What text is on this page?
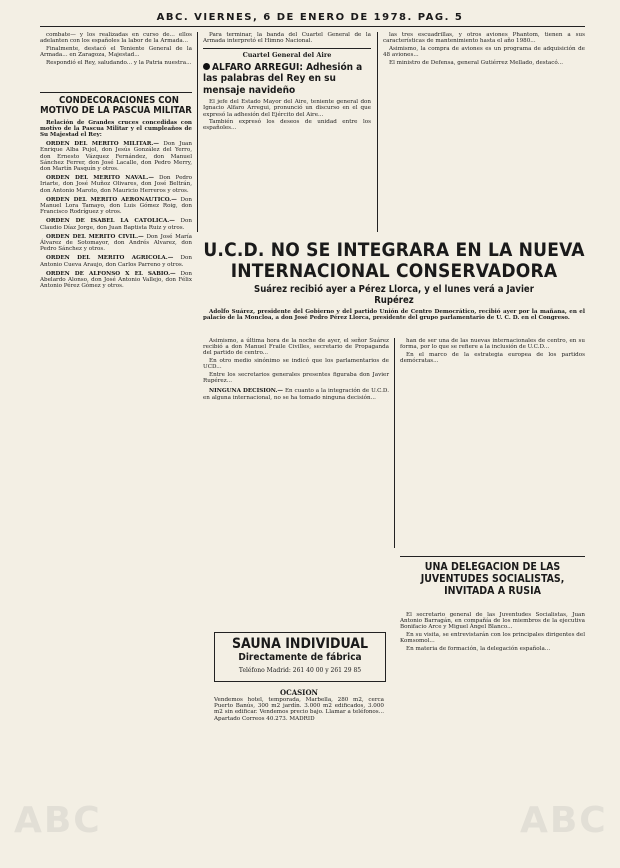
ABC. VIERNES, 6 DE ENERO DE 1978. PAG. 5

combate— y los realizadas en curso de... ellos adelanten con los españoles la labor de la Armada...

Finalmente, destacó el Teniente General de la Armada... en Zaragoza, Majestad...

Respondió el Rey, saludando... y la Patria nuestra...

CONDECORACIONES CON MOTIVO DE LA PASCUA MILITAR

Relación de Grandes cruces concedidas con motivo de la Pascua Militar y el cumpleaños de Su Majestad el Rey:

ORDEN DEL MERITO MILITAR.— Don Juan Enrique Alba Pujol, don Jesús González del Yerro, don Ernesto Vázquez Fernández, don Manuel Sánchez Ferrer, don José Lacalle, don Pedro Merry, don Martín Pasquín y otros.

ORDEN DEL MERITO NAVAL.— Don Pedro Iriarte, don José Muñoz Olivares, don José Beltrán, don Antonio Maroto, don Mauricio Herreros y otros.

ORDEN DEL MERITO AERONAUTICO.— Don Manuel Lora Tamayo, don Luis Gómez Roig, don Francisco Rodríguez y otros.

ORDEN DE ISABEL LA CATOLICA.— Don Claudio Díaz Jorge, don Juan Baptista Ruiz y otros.

ORDEN DEL MERITO CIVIL.— Don José María Álvarez de Sotomayor, don Andrés Alvarez, don Pedro Sánchez y otros.

ORDEN DEL MERITO AGRICOLA.— Don Antonio Cueva Araujo, don Carlos Parreno y otros.

ORDEN DE ALFONSO X EL SABIO.— Don Abelardo Alonso, don José Antonio Vallejo, don Félix Antonio Pérez Gómez y otros.

Para terminar, la banda del Cuartel General de la Armada interpretó el Himno Nacional.

Cuartel General del Aire

ALFARO ARREGUI: Adhesión a las palabras del Rey en su mensaje navideño

El jefe del Estado Mayor del Aire, teniente general don Ignacio Alfaro Arregui, pronunció un discurso en el que expresó la adhesión del Ejército del Aire...

También expresó los deseos de unidad entre los españoles...

las tres escuadrillas, y otros aviones Phantom, tienen a sus características de mantenimiento hasta el año 1980...

Asimismo, la compra de aviones es un programa de adquisición de 48 aviones...

El ministro de Defensa, general Gutiérrez Mellado, destacó...

U.C.D. NO SE INTEGRARA EN LA NUEVA
INTERNACIONAL CONSERVADORA
Suárez recibió ayer a Pérez Llorca, y el lunes verá a Javier
Rupérez

Adolfo Suárez, presidente del Gobierno y del partido Unión de Centro Democrático, recibió ayer por la mañana, en el palacio de la Moncloa, a don José Pedro Pérez Llorca, presidente del grupo parlamentario de U. C. D. en el Congreso.

Asimismo, a última hora de la noche de ayer, el señor Suárez recibió a don Manuel Fraile Civilles, secretario de Propaganda del partido de centro...

En otro medio sinónimo se indicó que los parlamentarios de UCD...

Entre los secretarios generales presentes figuraba don Javier Rupérez...

NINGUNA DECISION.— En cuanto a la integración de U.C.D. en alguna internacional, no se ha tomado ninguna decisión...

han de ser una de las nuevas internacionales de centro, en su forma, por lo que se refiere a la inclusión de U.C.D...

En el marco de la estrategia europea de los partidos demócratas...

SAUNA INDIVIDUAL
Directamente de fábrica
Teléfono Madrid: 261 40 00 y 261 29 85
OCASION

Vendemos hotel, temporada, Marbella, 280 m2, cerca Puerto Banús, 300 m2 jardín. 3.000 m2 edificados, 3.000 m2 sin edificar. Vendemos precio bajo. Llamar a teléfonos... Apartado Correos 40.273. MADRID

UNA DELEGACION DE LAS JUVENTUDES SOCIALISTAS, INVITADA A RUSIA

El secretario general de las Juventudes Socialistas, Juan Antonio Barragán, en compañía de los miembros de la ejecutiva Bonifacio Arce y Miguel Ángel Blanco...

En su visita, se entrevistarán con los principales dirigentes del Komsomol...

En materia de formación, la delegación española...

ABC	ABC
